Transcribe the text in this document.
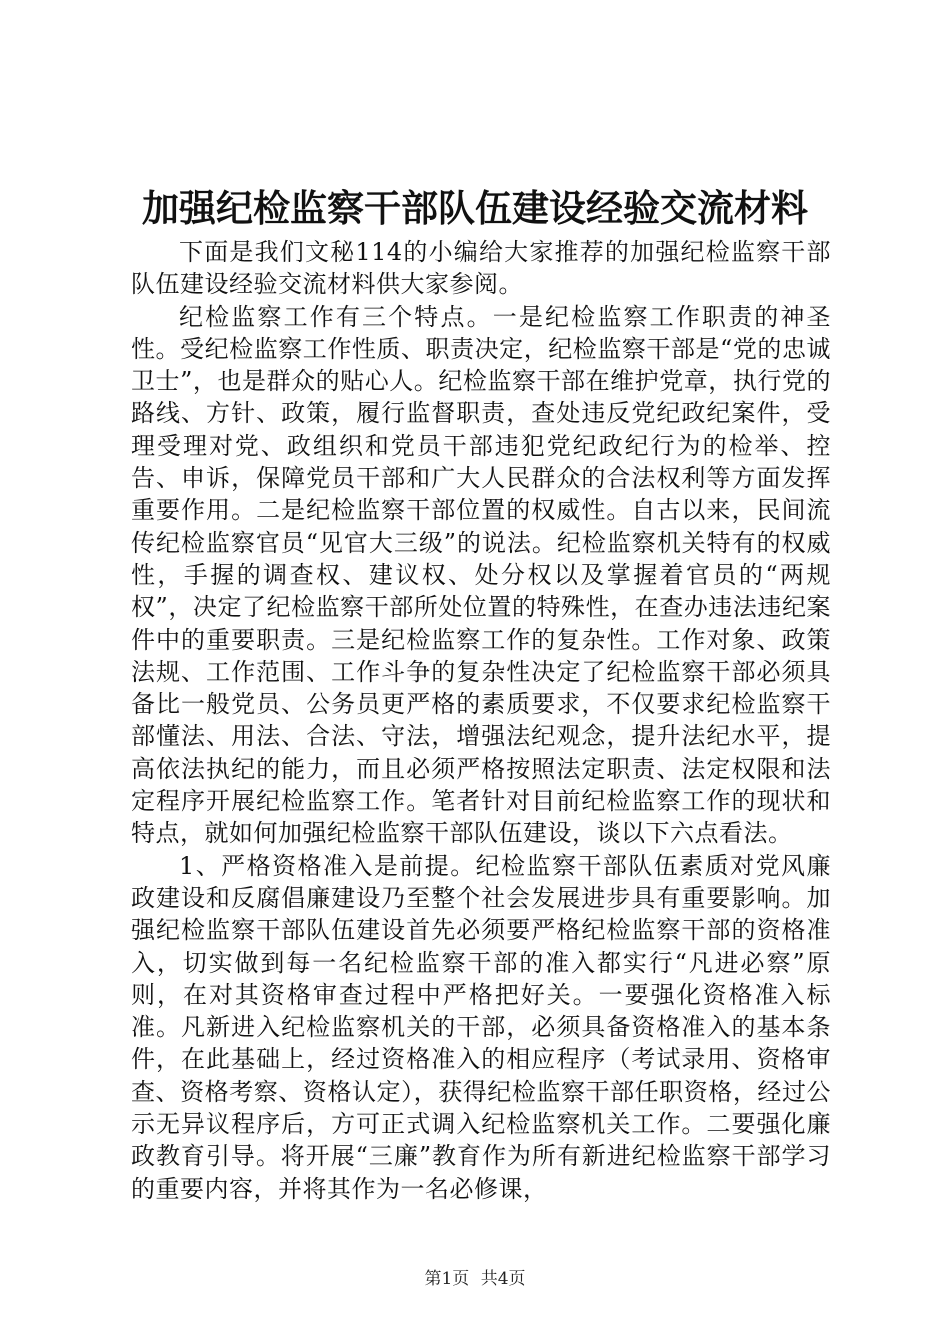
加强纪检监察干部队伍建设经验交流材料

下面是我们文秘114的小编给大家推荐的加强纪检监察干部队伍建设经验交流材料供大家参阅。

纪检监察工作有三个特点。一是纪检监察工作职责的神圣性。受纪检监察工作性质、职责决定，纪检监察干部是“党的忠诚卫士”，也是群众的贴心人。纪检监察干部在维护党章，执行党的路线、方针、政策，履行监督职责，查处违反党纪政纪案件，受理受理对党、政组织和党员干部违犯党纪政纪行为的检举、控告、申诉，保障党员干部和广大人民群众的合法权利等方面发挥重要作用。二是纪检监察干部位置的权威性。自古以来，民间流传纪检监察官员“见官大三级”的说法。纪检监察机关特有的权威性，手握的调查权、建议权、处分权以及掌握着官员的“两规权”，决定了纪检监察干部所处位置的特殊性，在查办违法违纪案件中的重要职责。三是纪检监察工作的复杂性。工作对象、政策法规、工作范围、工作斗争的复杂性决定了纪检监察干部必须具备比一般党员、公务员更严格的素质要求，不仅要求纪检监察干部懂法、用法、合法、守法，增强法纪观念，提升法纪水平，提高依法执纪的能力，而且必须严格按照法定职责、法定权限和法定程序开展纪检监察工作。笔者针对目前纪检监察工作的现状和特点，就如何加强纪检监察干部队伍建设，谈以下六点看法。

1、严格资格准入是前提。纪检监察干部队伍素质对党风廉政建设和反腐倡廉建设乃至整个社会发展进步具有重要影响。加强纪检监察干部队伍建设首先必须要严格纪检监察干部的资格准入，切实做到每一名纪检监察干部的准入都实行“凡进必察”原则，在对其资格审查过程中严格把好关。一要强化资格准入标准。凡新进入纪检监察机关的干部，必须具备资格准入的基本条件，在此基础上，经过资格准入的相应程序（考试录用、资格审查、资格考察、资格认定），获得纪检监察干部任职资格，经过公示无异议程序后，方可正式调入纪检监察机关工作。二要强化廉政教育引导。将开展“三廉”教育作为所有新进纪检监察干部学习的重要内容，并将其作为一名必修课，

第1页 共4页
